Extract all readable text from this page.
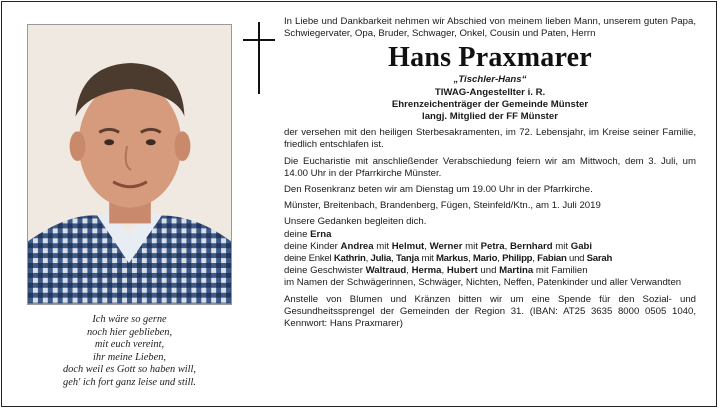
Ich wäre so gerne
noch hier geblieben,
mit euch vereint,
ihr meine Lieben,
doch weil es Gott so haben will,
geh' ich fort ganz leise und still.

In Liebe und Dankbarkeit nehmen wir Abschied von meinem lieben Mann, unserem guten Papa, Schwiegervater, Opa, Bruder, Schwager, Onkel, Cousin und Paten, Herrn

Hans Praxmarer

„Tischler-Hans“
TIWAG-Angestellter i. R.
Ehrenzeichenträger der Gemeinde Münster
langj. Mitglied der FF Münster

der versehen mit den heiligen Sterbesakramenten, im 72. Lebensjahr, im Kreise seiner Familie, friedlich entschlafen ist.

Die Eucharistie mit anschließender Verabschiedung feiern wir am Mittwoch, dem 3. Juli, um 14.00 Uhr in der Pfarrkirche Münster.

Den Rosenkranz beten wir am Dienstag um 19.00 Uhr in der Pfarrkirche.

Münster, Breitenbach, Brandenberg, Fügen, Steinfeld/Ktn., am 1. Juli 2019

Unsere Gedanken begleiten dich.

deine Erna

deine Kinder Andrea mit Helmut, Werner mit Petra, Bernhard mit Gabi

deine Enkel Kathrin, Julia, Tanja mit Markus, Mario, Philipp, Fabian und Sarah

deine Geschwister Waltraud, Herma, Hubert und Martina mit Familien

im Namen der Schwägerinnen, Schwäger, Nichten, Neffen, Patenkinder und aller Verwandten

Anstelle von Blumen und Kränzen bitten wir um eine Spende für den Sozial- und Gesundheitssprengel der Gemeinden der Region 31. (IBAN: AT25 3635 8000 0505 1040, Kennwort: Hans Praxmarer)
